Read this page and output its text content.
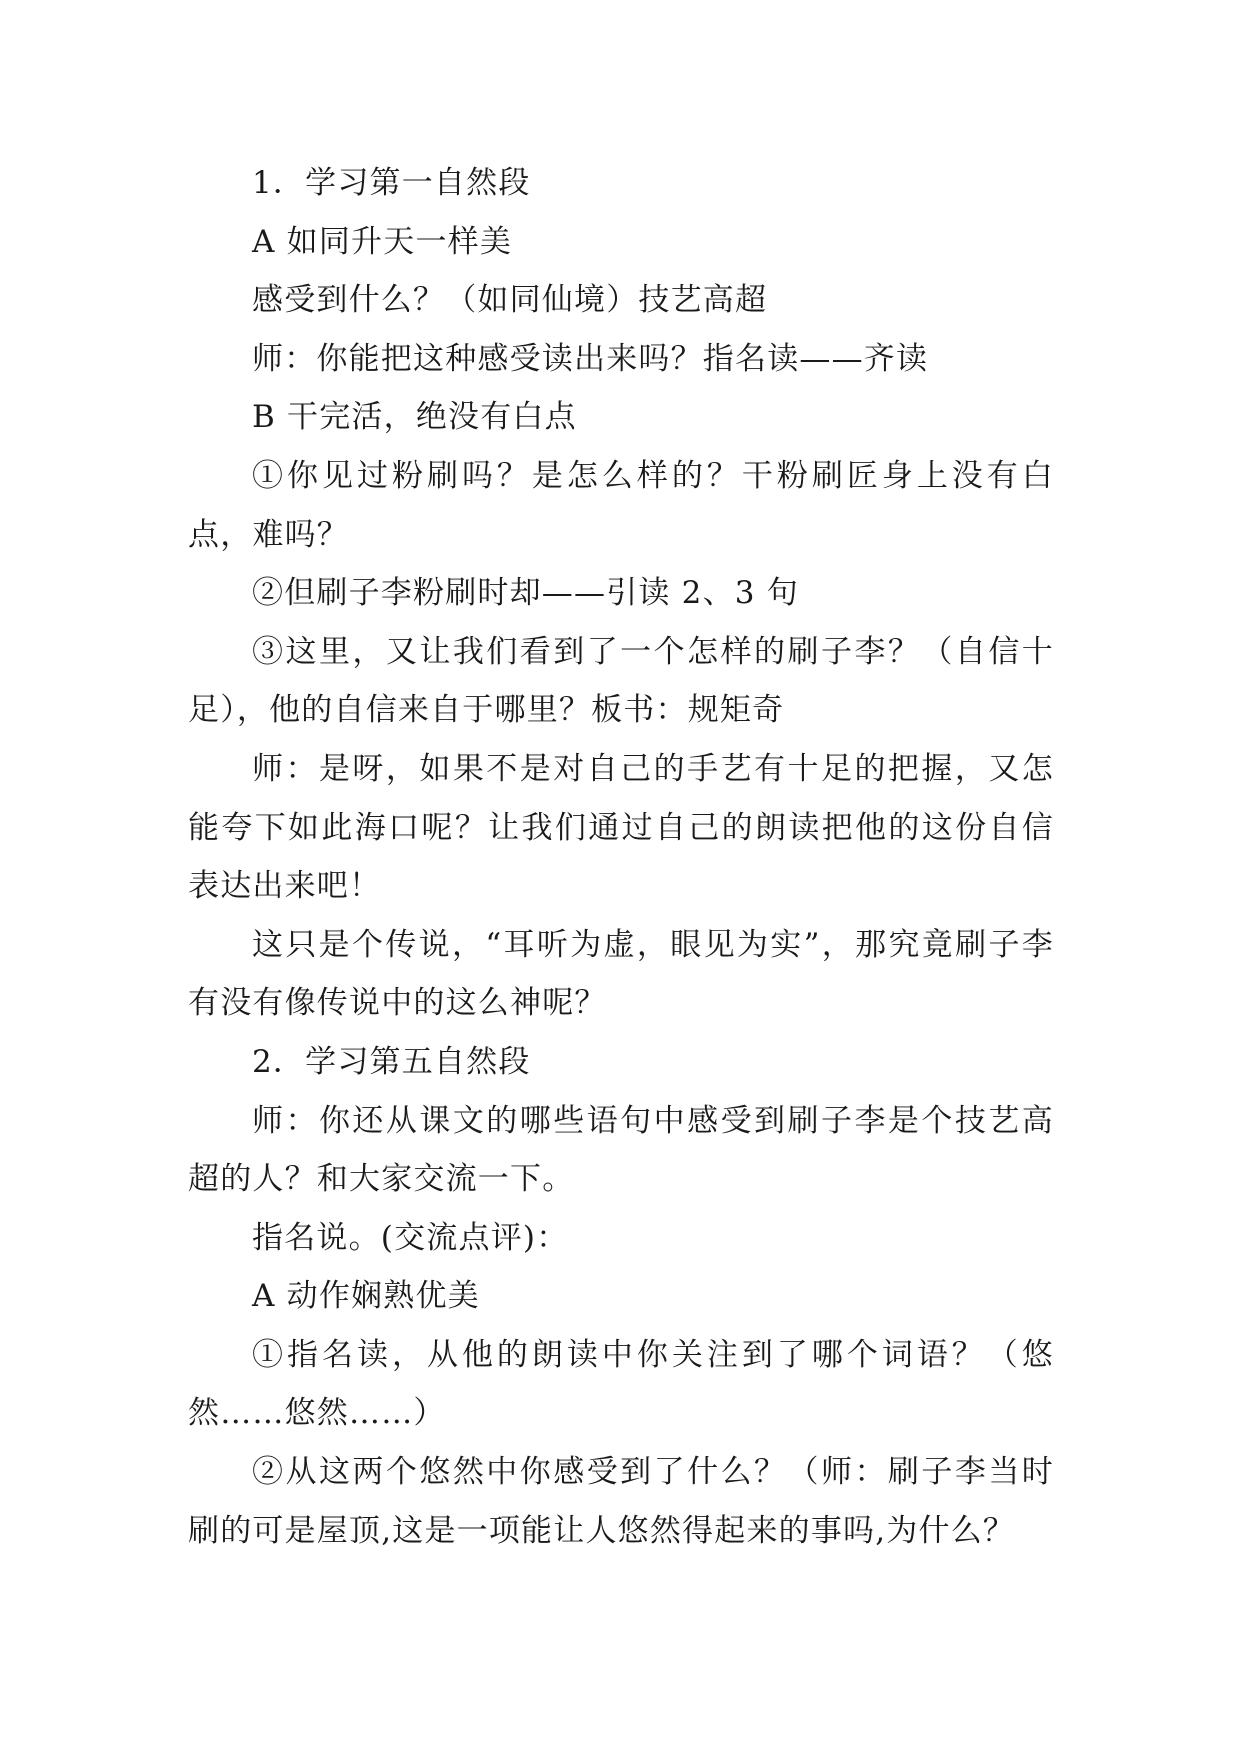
1．学习第一自然段

A 如同升天一样美

感受到什么？（如同仙境）技艺高超

师：你能把这种感受读出来吗？指名读——齐读

B 干完活，绝没有白点

①你见过粉刷吗？是怎么样的？干粉刷匠身上没有白点，难吗？

②但刷子李粉刷时却——引读 2、3 句

③这里，又让我们看到了一个怎样的刷子李？（自信十足），他的自信来自于哪里？板书：规矩奇

师：是呀，如果不是对自己的手艺有十足的把握，又怎能夸下如此海口呢？让我们通过自己的朗读把他的这份自信表达出来吧！

这只是个传说，“耳听为虚，眼见为实”，那究竟刷子李有没有像传说中的这么神呢？

2．学习第五自然段

师：你还从课文的哪些语句中感受到刷子李是个技艺高超的人？和大家交流一下。

指名说。(交流点评)：

A 动作娴熟优美

①指名读，从他的朗读中你关注到了哪个词语？（悠然……悠然……）

②从这两个悠然中你感受到了什么？（师：刷子李当时刷的可是屋顶,这是一项能让人悠然得起来的事吗,为什么？
